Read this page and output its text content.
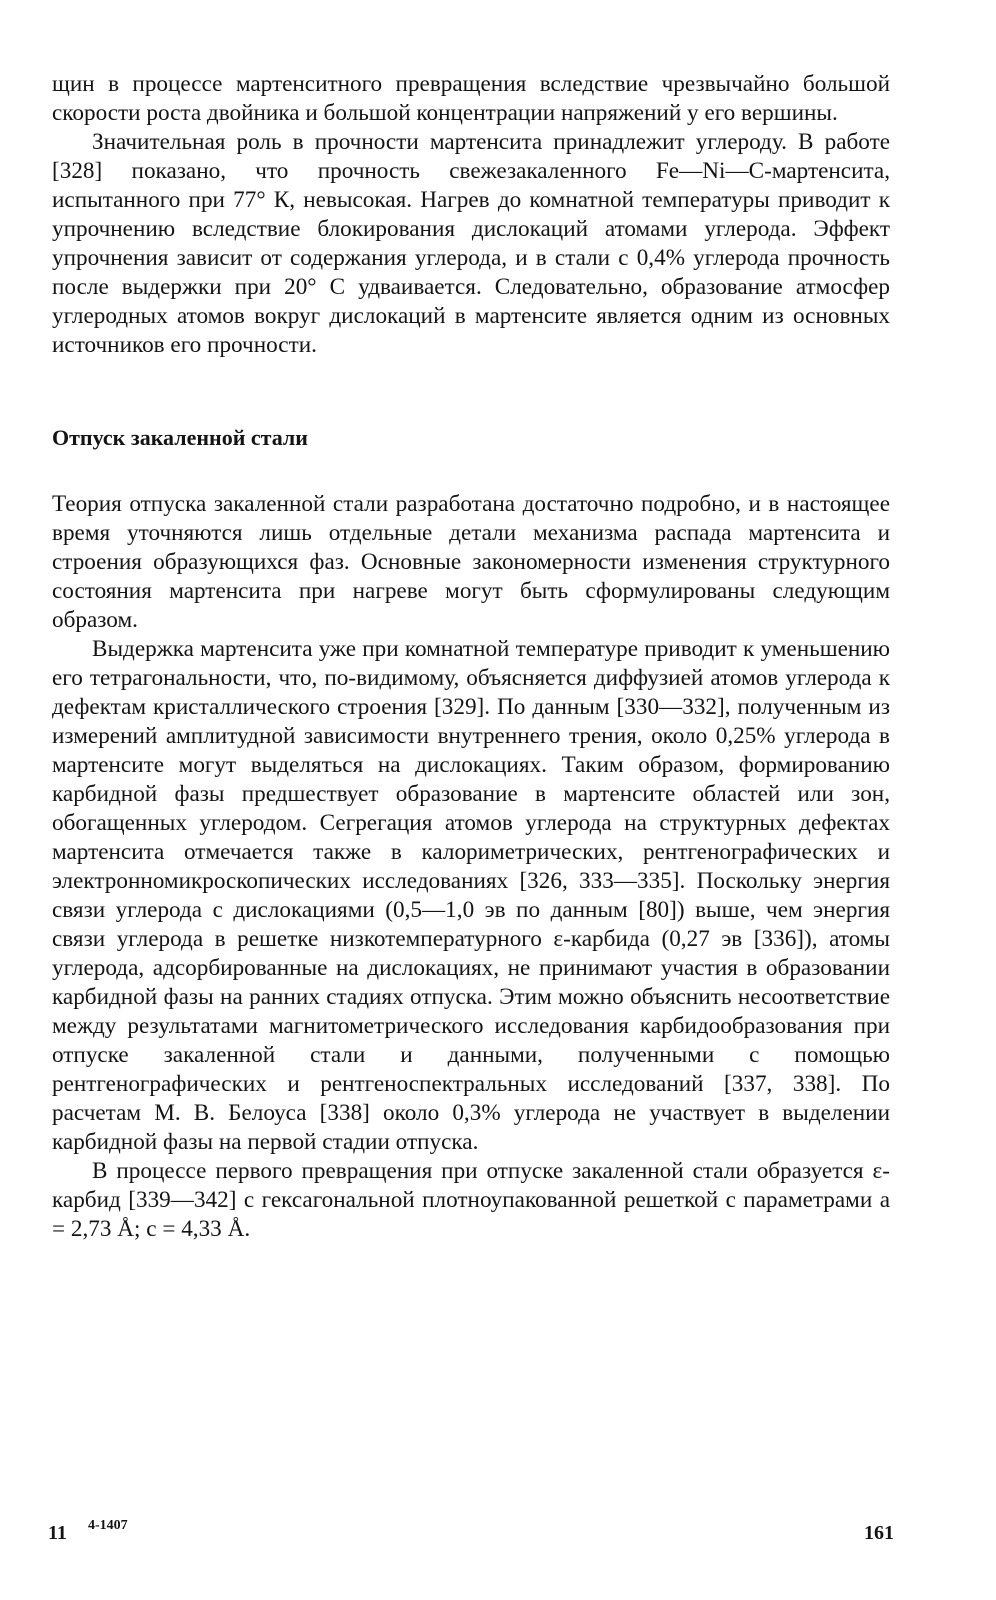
щин в процессе мартенситного превращения вследствие чрезвычайно большой скорости роста двойника и большой концентрации напряжений у его вершины.

Значительная роль в прочности мартенсита принадлежит углероду. В работе [328] показано, что прочность свежезакаленного Fe—Ni—C-мартенсита, испытанного при 77° К, невысокая. Нагрев до комнатной температуры приводит к упрочнению вследствие блокирования дислокаций атомами углерода. Эффект упрочнения зависит от содержания углерода, и в стали с 0,4% углерода прочность после выдержки при 20° С удваивается. Следовательно, образование атмосфер углеродных атомов вокруг дислокаций в мартенсите является одним из основных источников его прочности.

Отпуск закаленной стали

Теория отпуска закаленной стали разработана достаточно подробно, и в настоящее время уточняются лишь отдельные детали механизма распада мартенсита и строения образующихся фаз. Основные закономерности изменения структурного состояния мартенсита при нагреве могут быть сформулированы следующим образом.

Выдержка мартенсита уже при комнатной температуре приводит к уменьшению его тетрагональности, что, по-видимому, объясняется диффузией атомов углерода к дефектам кристаллического строения [329]. По данным [330—332], полученным из измерений амплитудной зависимости внутреннего трения, около 0,25% углерода в мартенсите могут выделяться на дислокациях. Таким образом, формированию карбидной фазы предшествует образование в мартенсите областей или зон, обогащенных углеродом. Сегрегация атомов углерода на структурных дефектах мартенсита отмечается также в калориметрических, рентгенографических и электронномикроскопических исследованиях [326, 333—335]. Поскольку энергия связи углерода с дислокациями (0,5—1,0 эв по данным [80]) выше, чем энергия связи углерода в решетке низкотемпературного ε-карбида (0,27 эв [336]), атомы углерода, адсорбированные на дислокациях, не принимают участия в образовании карбидной фазы на ранних стадиях отпуска. Этим можно объяснить несоответствие между результатами магнитометрического исследования карбидообразования при отпуске закаленной стали и данными, полученными с помощью рентгенографических и рентгеноспектральных исследований [337, 338]. По расчетам М. В. Белоуса [338] около 0,3% углерода не участвует в выделении карбидной фазы на первой стадии отпуска.

В процессе первого превращения при отпуске закаленной стали образуется ε-карбид [339—342] с гексагональной плотноупакованной решеткой с параметрами a = 2,73 Å; c = 4,33 Å.

11 4-1407	161
